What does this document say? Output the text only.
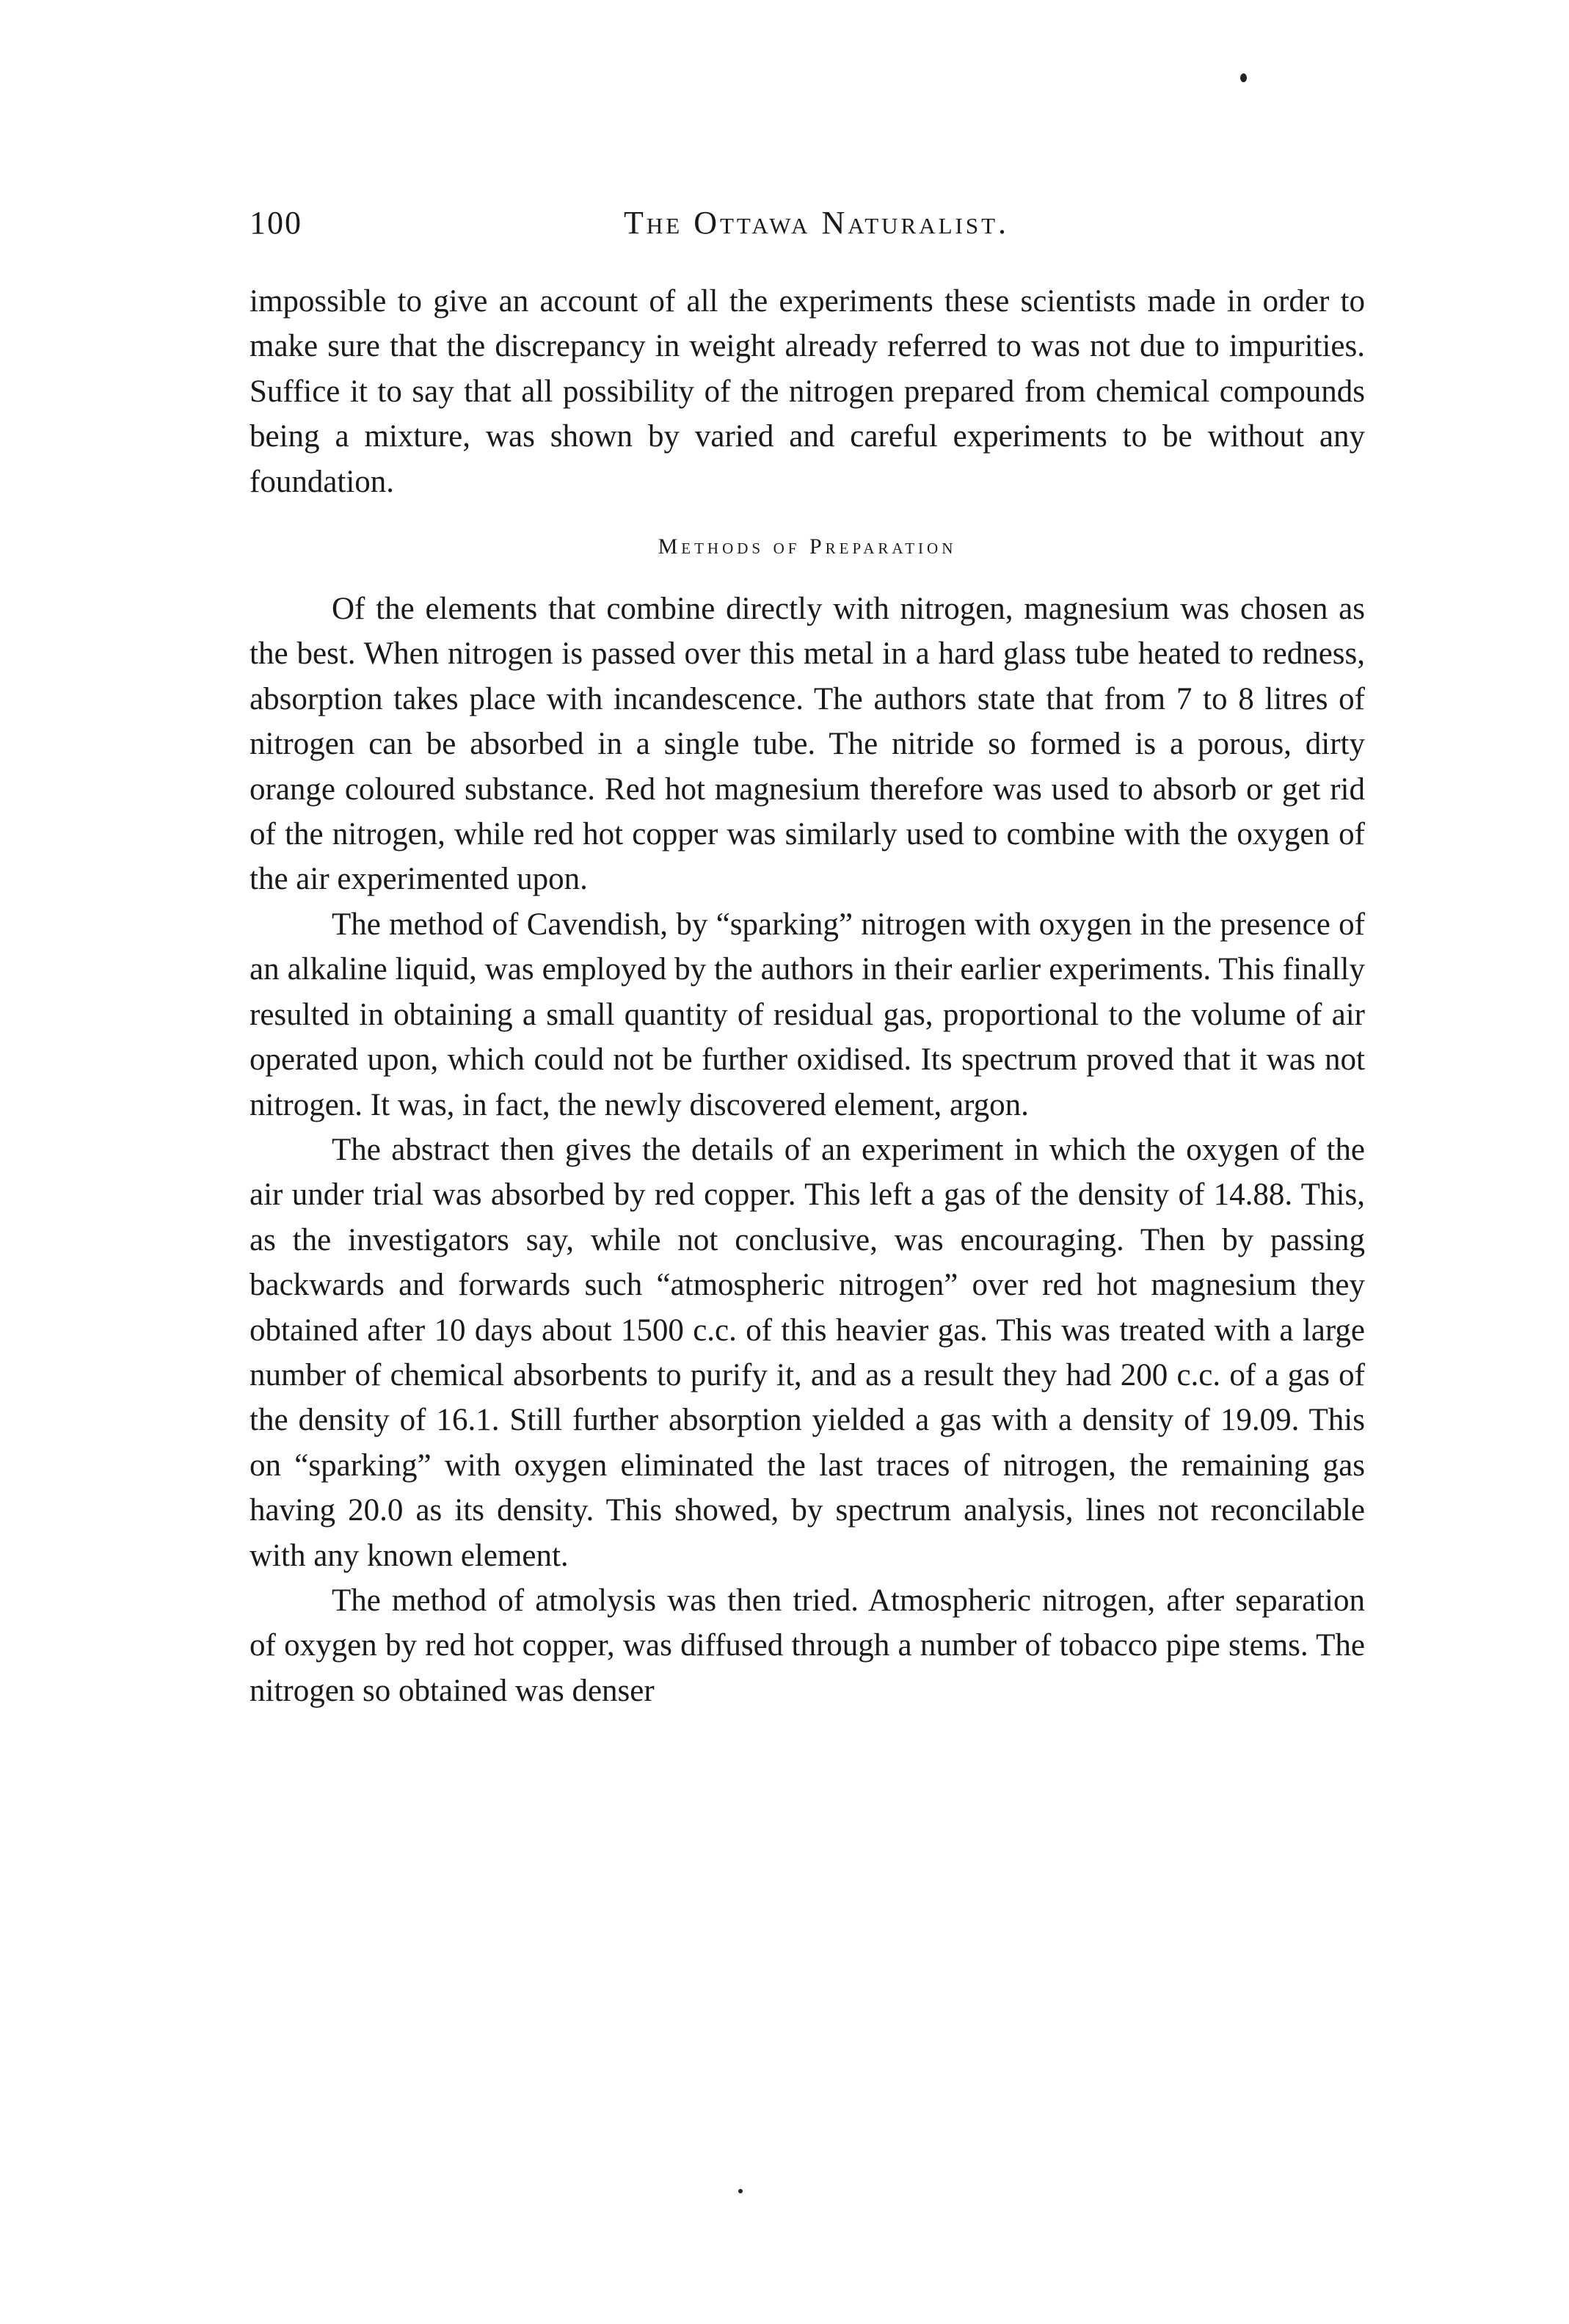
100	The Ottawa Naturalist.

impossible to give an account of all the experiments these scientists made in order to make sure that the discrepancy in weight already referred to was not due to impurities. Suffice it to say that all possibility of the nitrogen prepared from chemical compounds being a mixture, was shown by varied and careful experiments to be without any foundation.

Methods of Preparation

Of the elements that combine directly with nitrogen, magnesium was chosen as the best. When nitrogen is passed over this metal in a hard glass tube heated to redness, absorption takes place with incandescence. The authors state that from 7 to 8 litres of nitrogen can be absorbed in a single tube. The nitride so formed is a porous, dirty orange coloured substance. Red hot magnesium therefore was used to absorb or get rid of the nitrogen, while red hot copper was similarly used to combine with the oxygen of the air experimented upon.

The method of Cavendish, by “sparking” nitrogen with oxygen in the presence of an alkaline liquid, was employed by the authors in their earlier experiments. This finally resulted in obtaining a small quantity of residual gas, proportional to the volume of air operated upon, which could not be further oxidised. Its spectrum proved that it was not nitrogen. It was, in fact, the newly discovered element, argon.

The abstract then gives the details of an experiment in which the oxygen of the air under trial was absorbed by red copper. This left a gas of the density of 14.88. This, as the investigators say, while not conclusive, was encouraging. Then by passing backwards and forwards such “atmospheric nitrogen” over red hot magnesium they obtained after 10 days about 1500 c.c. of this heavier gas. This was treated with a large number of chemical absorbents to purify it, and as a result they had 200 c.c. of a gas of the density of 16.1. Still further absorption yielded a gas with a density of 19.09. This on “sparking” with oxygen eliminated the last traces of nitrogen, the remaining gas having 20.0 as its density. This showed, by spectrum analysis, lines not reconcilable with any known element.

The method of atmolysis was then tried. Atmospheric nitrogen, after separation of oxygen by red hot copper, was diffused through a number of tobacco pipe stems. The nitrogen so obtained was denser
